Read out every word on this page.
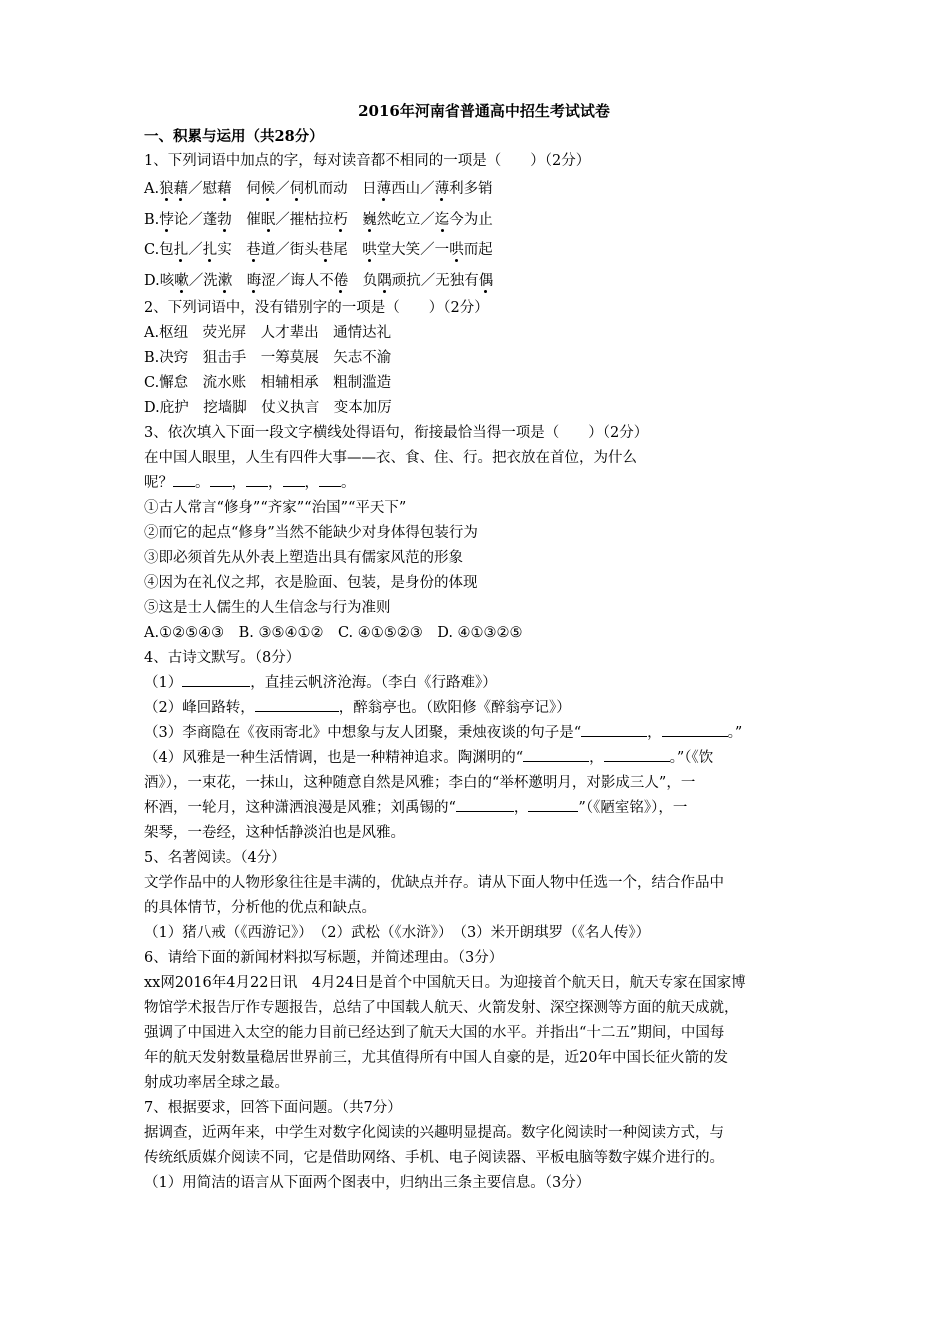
2016年河南省普通高中招生考试试卷
一、积累与运用（共28分）
1、下列词语中加点的字，每对读音都不相同的一项是（　　）（2分）
A.狼藉／慰藉　伺候／伺机而动　日薄西山／薄利多销
B.悖论／蓬勃　催眠／摧枯拉朽　 巍然屹立／迄今为止
C.包扎／扎实　巷道／街头巷尾　哄堂大笑／一哄而起
D.咳嗽／洗漱　 晦涩／诲人不倦　负隅顽抗／无独有偶
2、下列词语中，没有错别字的一项是（　　）（2分）
A.枢纽　荧光屏　人才辈出　通情达礼
B.决窍　狙击手　一筹莫展　矢志不渝
C.懈怠　流水账　相辅相承　粗制滥造
D.庇护　挖墙脚　仗义执言　变本加厉
3、依次填入下面一段文字横线处得语句，衔接最恰当得一项是（　　）（2分）
在中国人眼里，人生有四件大事——衣、食、住、行。把衣放在首位，为什么
呢？ 。 ， ， ， 。
①古人常言“修身”“齐家”“治国”“平天下”
②而它的起点“修身”当然不能缺少对身体得包装行为
③即必须首先从外表上塑造出具有儒家风范的形象
④因为在礼仪之邦，衣是脸面、包装，是身份的体现
⑤这是士人儒生的人生信念与行为准则
A.①②⑤④③　B. ③⑤④①②　C. ④①⑤②③　D. ④①③②⑤
4、古诗文默写。（8分）
（1）	，直挂云帆济沧海。（李白《行路难》）
（2）峰回路转，	，醉翁亭也。（欧阳修《醉翁亭记》）
（3）李商隐在《夜雨寄北》中想象与友人团聚，秉烛夜谈的句子是“	，	。”
（4）风雅是一种生活情调，也是一种精神追求。陶渊明的“	，	。”（《饮
酒》），一束花，一抹山，这种随意自然是风雅；李白的“举杯邀明月，对影成三人”，一
杯酒，一轮月，这种潇洒浪漫是风雅；刘禹锡的“	，	”（《陋室铭》），一
架琴，一卷经，这种恬静淡泊也是风雅。
5、名著阅读。（4分）
文学作品中的人物形象往往是丰满的，优缺点并存。请从下面人物中任选一个，结合作品中
的具体情节，分析他的优点和缺点。
（1）猪八戒（《西游记》）　（2）武松（《水浒》）　（3）米开朗琪罗（《名人传》）
6、请给下面的新闻材料拟写标题，并简述理由。（3分）
xx网2016年4月22日讯　4月24日是首个中国航天日。为迎接首个航天日，航天专家在国家博
物馆学术报告厅作专题报告，总结了中国载人航天、火箭发射、深空探测等方面的航天成就，
强调了中国进入太空的能力目前已经达到了航天大国的水平。并指出“十二五”期间，中国每
年的航天发射数量稳居世界前三，尤其值得所有中国人自豪的是，近20年中国长征火箭的发
射成功率居全球之最。
7、根据要求，回答下面问题。（共7分）
据调查，近两年来，中学生对数字化阅读的兴趣明显提高。数字化阅读时一种阅读方式，与
传统纸质媒介阅读不同，它是借助网络、手机、电子阅读器、平板电脑等数字媒介进行的。
（1）用简洁的语言从下面两个图表中，归纳出三条主要信息。（3分）
